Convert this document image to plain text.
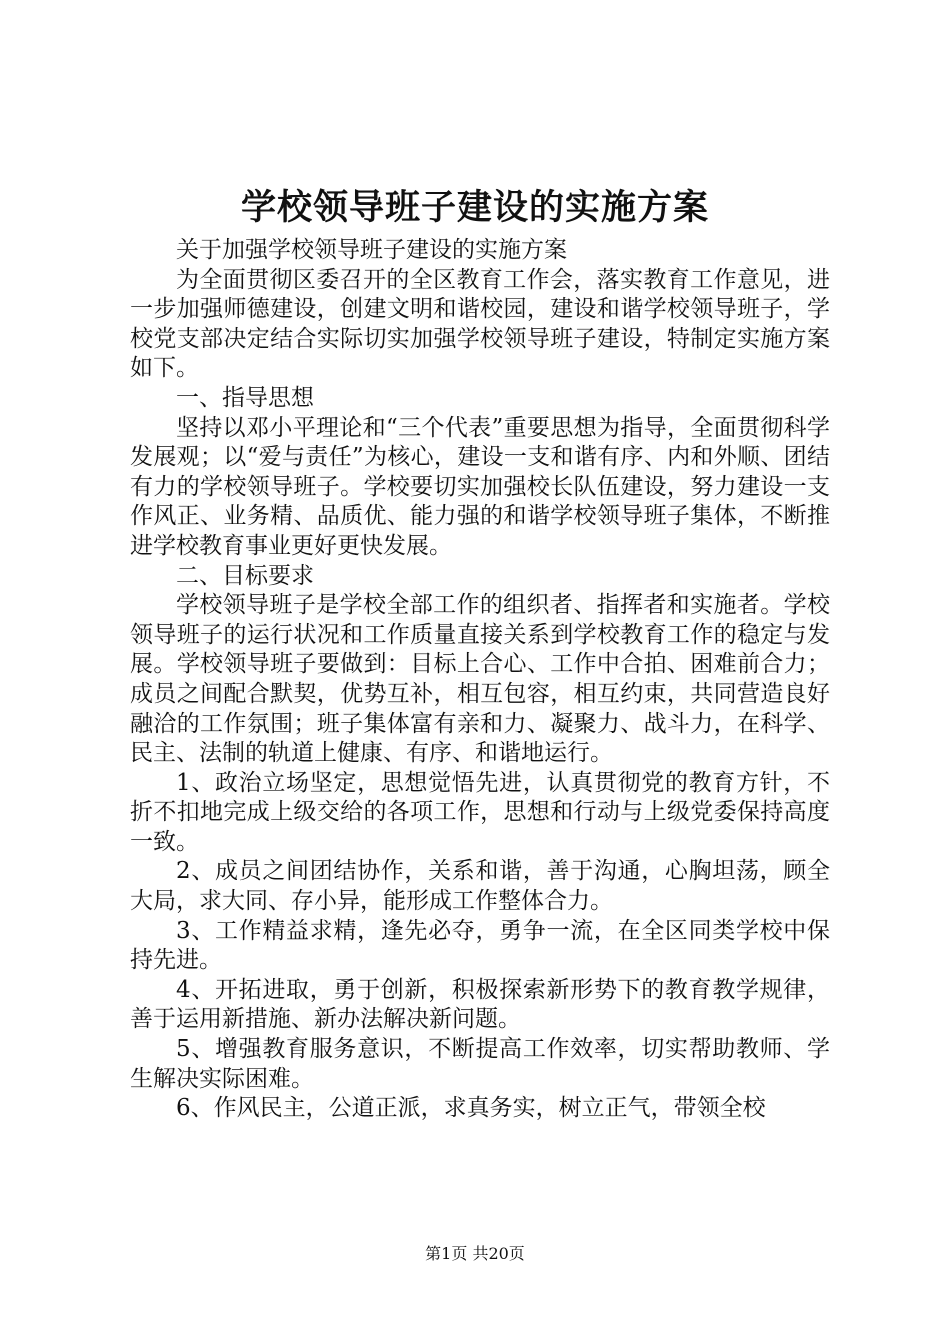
学校领导班子建设的实施方案

关于加强学校领导班子建设的实施方案

为全面贯彻区委召开的全区教育工作会，落实教育工作意见，进一步加强师德建设，创建文明和谐校园，建设和谐学校领导班子，学校党支部决定结合实际切实加强学校领导班子建设，特制定实施方案如下。

一、指导思想

坚持以邓小平理论和“三个代表”重要思想为指导，全面贯彻科学发展观；以“爱与责任”为核心，建设一支和谐有序、内和外顺、团结有力的学校领导班子。学校要切实加强校长队伍建设，努力建设一支作风正、业务精、品质优、能力强的和谐学校领导班子集体，不断推进学校教育事业更好更快发展。

二、目标要求

学校领导班子是学校全部工作的组织者、指挥者和实施者。学校领导班子的运行状况和工作质量直接关系到学校教育工作的稳定与发展。学校领导班子要做到：目标上合心、工作中合拍、困难前合力；成员之间配合默契，优势互补，相互包容，相互约束，共同营造良好融洽的工作氛围；班子集体富有亲和力、凝聚力、战斗力，在科学、民主、法制的轨道上健康、有序、和谐地运行。

1、政治立场坚定，思想觉悟先进，认真贯彻党的教育方针，不折不扣地完成上级交给的各项工作，思想和行动与上级党委保持高度一致。

2、成员之间团结协作，关系和谐，善于沟通，心胸坦荡，顾全大局，求大同、存小异，能形成工作整体合力。

3、工作精益求精，逢先必夺，勇争一流，在全区同类学校中保持先进。

4、开拓进取，勇于创新，积极探索新形势下的教育教学规律，善于运用新措施、新办法解决新问题。

5、增强教育服务意识，不断提高工作效率，切实帮助教师、学生解决实际困难。

6、作风民主，公道正派，求真务实，树立正气，带领全校

第1页 共20页
